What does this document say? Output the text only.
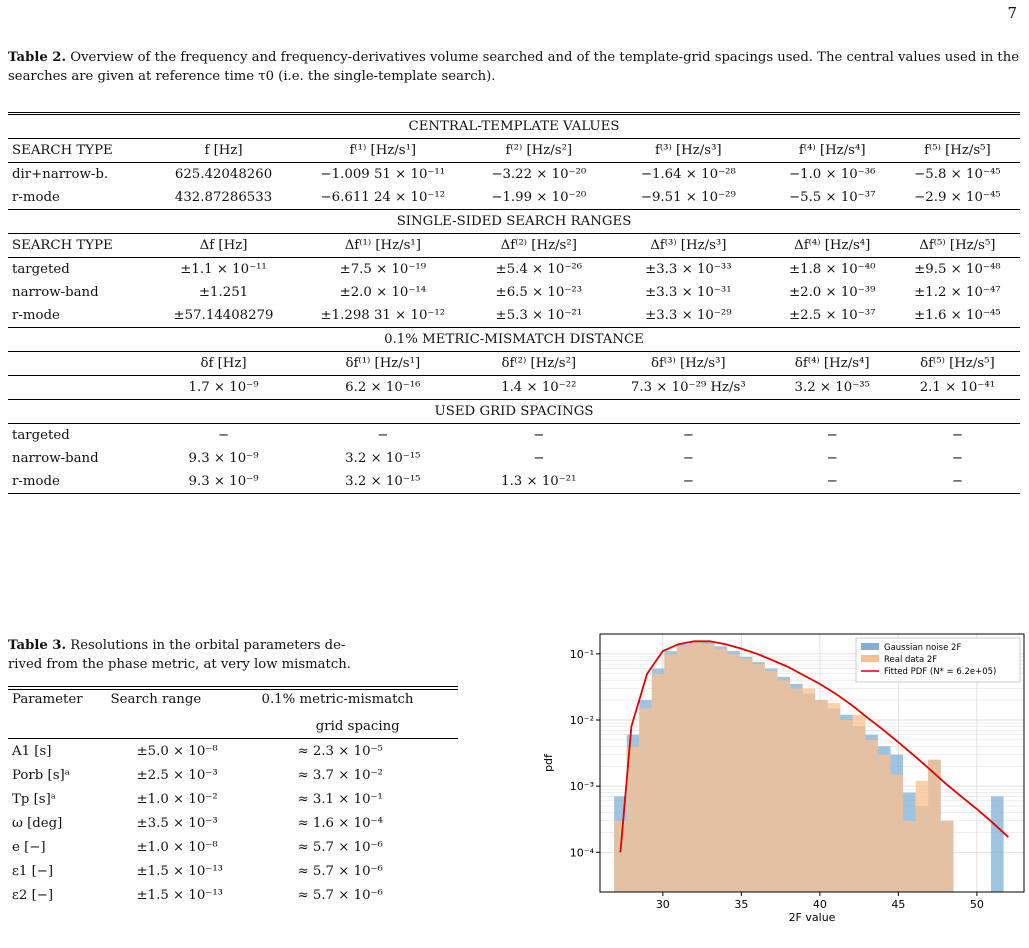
7
Table 2. Overview of the frequency and frequency-derivatives volume searched and of the template-grid spacings used. The central values used in the searches are given at reference time τ0 (i.e. the single-template search).
CENTRAL-TEMPLATE VALUES						
SEARCH TYPE	f [Hz]	f⁽¹⁾ [Hz/s¹]	f⁽²⁾ [Hz/s²]	f⁽³⁾ [Hz/s³]	f⁽⁴⁾ [Hz/s⁴]	f⁽⁵⁾ [Hz/s⁵]
dir+narrow-b.	625.42048260	−1.009 51 × 10⁻¹¹	−3.22 × 10⁻²⁰	−1.64 × 10⁻²⁸	−1.0 × 10⁻³⁶	−5.8 × 10⁻⁴⁵
r-mode	432.87286533	−6.611 24 × 10⁻¹²	−1.99 × 10⁻²⁰	−9.51 × 10⁻²⁹	−5.5 × 10⁻³⁷	−2.9 × 10⁻⁴⁵
SINGLE-SIDED SEARCH RANGES						
SEARCH TYPE	Δf [Hz]	Δf⁽¹⁾ [Hz/s¹]	Δf⁽²⁾ [Hz/s²]	Δf⁽³⁾ [Hz/s³]	Δf⁽⁴⁾ [Hz/s⁴]	Δf⁽⁵⁾ [Hz/s⁵]
targeted	±1.1 × 10⁻¹¹	±7.5 × 10⁻¹⁹	±5.4 × 10⁻²⁶	±3.3 × 10⁻³³	±1.8 × 10⁻⁴⁰	±9.5 × 10⁻⁴⁸
narrow-band	±1.251	±2.0 × 10⁻¹⁴	±6.5 × 10⁻²³	±3.3 × 10⁻³¹	±2.0 × 10⁻³⁹	±1.2 × 10⁻⁴⁷
r-mode	±57.14408279	±1.298 31 × 10⁻¹²	±5.3 × 10⁻²¹	±3.3 × 10⁻²⁹	±2.5 × 10⁻³⁷	±1.6 × 10⁻⁴⁵
0.1% METRIC-MISMATCH DISTANCE						
	δf [Hz]	δf⁽¹⁾ [Hz/s¹]	δf⁽²⁾ [Hz/s²]	δf⁽³⁾ [Hz/s³]	δf⁽⁴⁾ [Hz/s⁴]	δf⁽⁵⁾ [Hz/s⁵]
	1.7 × 10⁻⁹	6.2 × 10⁻¹⁶	1.4 × 10⁻²²	7.3 × 10⁻²⁹ Hz/s³	3.2 × 10⁻³⁵	2.1 × 10⁻⁴¹
USED GRID SPACINGS						
targeted	−	−	−	−	−	−
narrow-band	9.3 × 10⁻⁹	3.2 × 10⁻¹⁵	−	−	−	−
r-mode	9.3 × 10⁻⁹	3.2 × 10⁻¹⁵	1.3 × 10⁻²¹	−	−	−
Table 3. Resolutions in the orbital parameters de-
rived from the phase metric, at very low mismatch.
Parameter	Search range	0.1% metric-mismatch
		grid spacing
A1 [s]	±5.0 × 10⁻⁸	≈ 2.3 × 10⁻⁵
Porb [s]ᵃ	±2.5 × 10⁻³	≈ 3.7 × 10⁻²
Tp [s]ᵃ	±1.0 × 10⁻²	≈ 3.1 × 10⁻¹
ω [deg]	±3.5 × 10⁻³	≈ 1.6 × 10⁻⁴
e [−]	±1.0 × 10⁻⁸	≈ 5.7 × 10⁻⁶
ε1 [−]	±1.5 × 10⁻¹³	≈ 5.7 × 10⁻⁶
ε2 [−]	±1.5 × 10⁻¹³	≈ 5.7 × 10⁻⁶
30	35	40	45	50
10⁻¹
10⁻²
10⁻³
10⁻⁴
2F value
pdf
Gaussian noise 2F
Real data 2F
Fitted PDF (N* = 6.2e+05)
